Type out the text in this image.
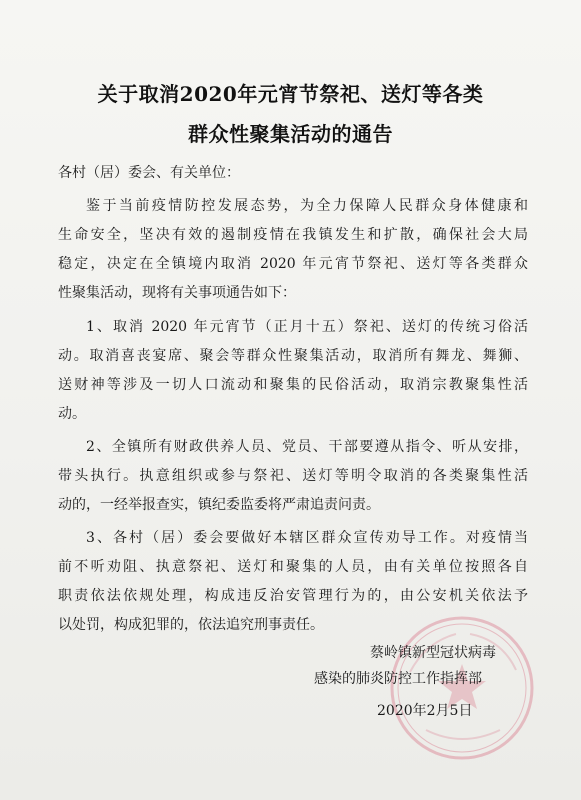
关于取消2020年元宵节祭祀、送灯等各类
群众性聚集活动的通告
各村（居）委会、有关单位：
鉴于当前疫情防控发展态势，为全力保障人民群众身体健康和
生命安全，坚决有效的遏制疫情在我镇发生和扩散，确保社会大局
稳定，决定在全镇境内取消 2020 年元宵节祭祀、送灯等各类群众
性聚集活动，现将有关事项通告如下：
1、取消 2020 年元宵节（正月十五）祭祀、送灯的传统习俗活
动。取消喜丧宴席、聚会等群众性聚集活动，取消所有舞龙、舞狮、
送财神等涉及一切人口流动和聚集的民俗活动，取消宗教聚集性活
动。
2、全镇所有财政供养人员、党员、干部要遵从指令、听从安排，
带头执行。执意组织或参与祭祀、送灯等明令取消的各类聚集性活
动的，一经举报查实，镇纪委监委将严肃追责问责。
3、各村（居）委会要做好本辖区群众宣传劝导工作。对疫情当
前不听劝阻、执意祭祀、送灯和聚集的人员，由有关单位按照各自
职责依法依规处理，构成违反治安管理行为的，由公安机关依法予
以处罚，构成犯罪的，依法追究刑事责任。
蔡岭镇新型冠状病毒
感染的肺炎防控工作指挥部
2020年2月5日
